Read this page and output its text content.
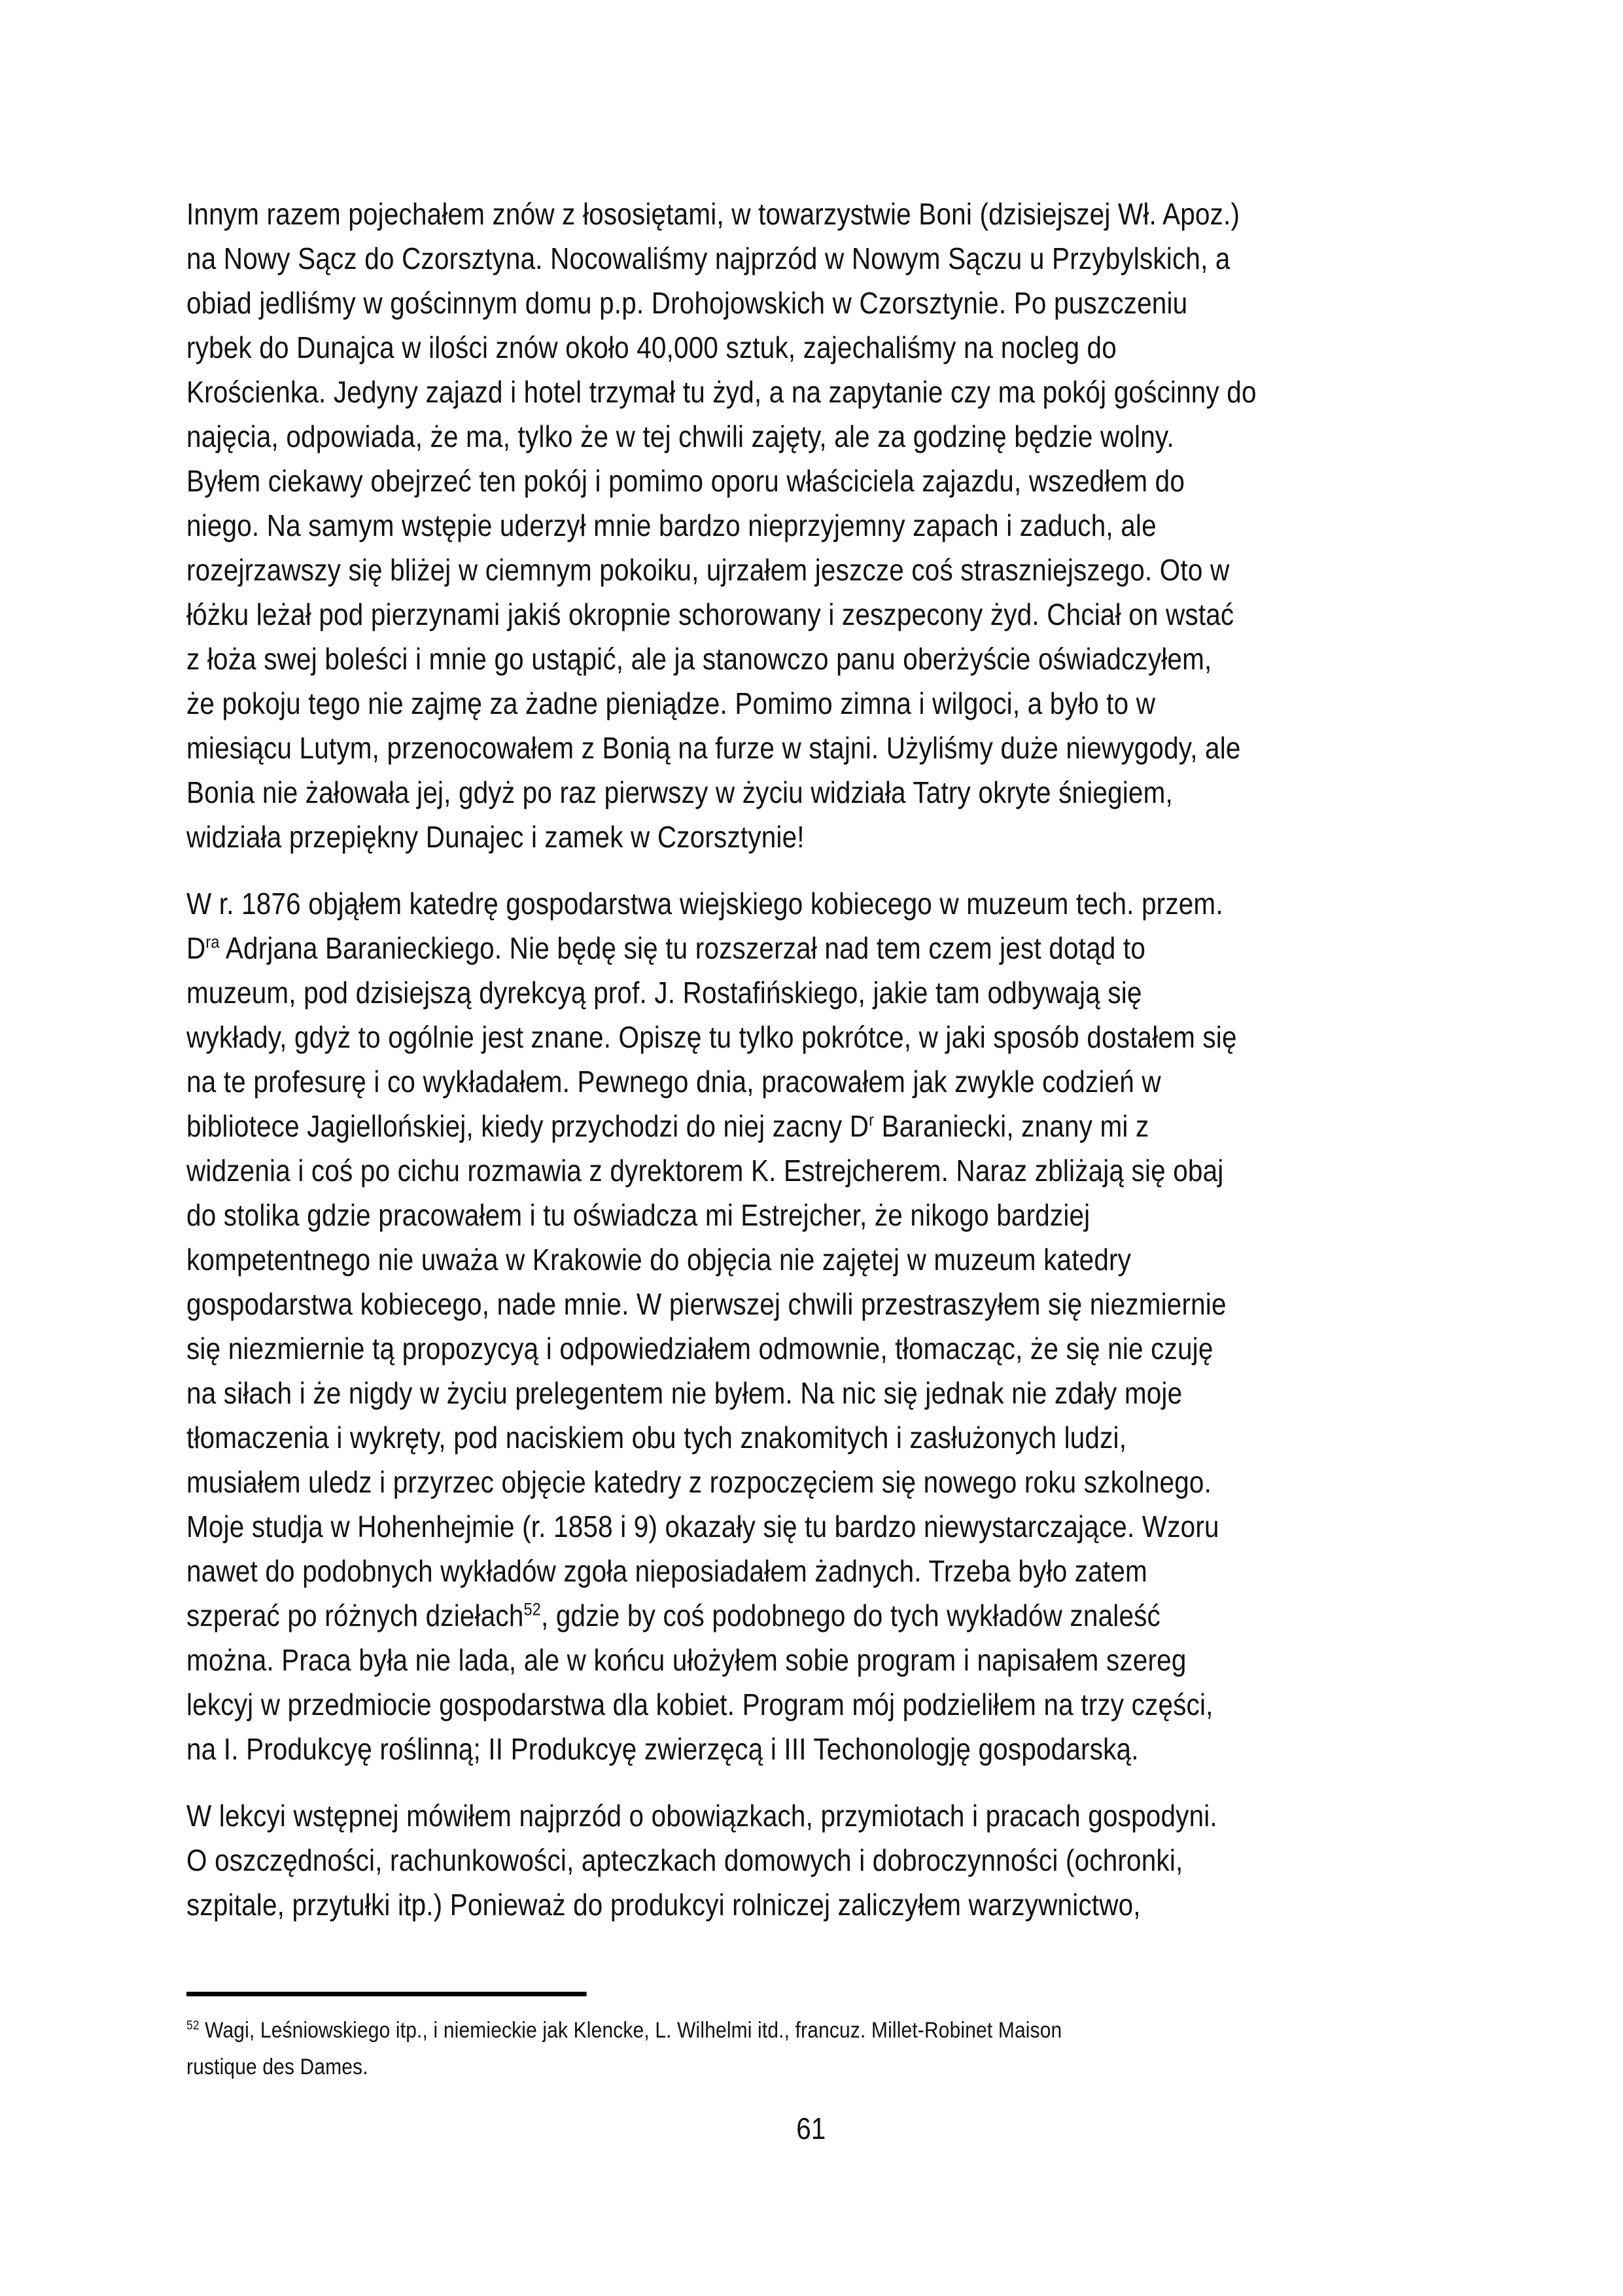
Innym razem pojechałem znów z łososiętami, w towarzystwie Boni (dzisiejszej Wł. Apoz.)
na Nowy Sącz do Czorsztyna. Nocowaliśmy najprzód w Nowym Sączu u Przybylskich, a
obiad jedliśmy w gościnnym domu p.p. Drohojowskich w Czorsztynie. Po puszczeniu
rybek do Dunajca w ilości znów około 40,000 sztuk, zajechaliśmy na nocleg do
Krościenka. Jedyny zajazd i hotel trzymał tu żyd, a na zapytanie czy ma pokój gościnny do
najęcia, odpowiada, że ma, tylko że w tej chwili zajęty, ale za godzinę będzie wolny.
Byłem ciekawy obejrzeć ten pokój i pomimo oporu właściciela zajazdu, wszedłem do
niego. Na samym wstępie uderzył mnie bardzo nieprzyjemny zapach i zaduch, ale
rozejrzawszy się bliżej w ciemnym pokoiku, ujrzałem jeszcze coś straszniejszego. Oto w
łóżku leżał pod pierzynami jakiś okropnie schorowany i zeszpecony żyd. Chciał on wstać
z łoża swej boleści i mnie go ustąpić, ale ja stanowczo panu oberżyście oświadczyłem,
że pokoju tego nie zajmę za żadne pieniądze. Pomimo zimna i wilgoci, a było to w
miesiącu Lutym, przenocowałem z Bonią na furze w stajni. Użyliśmy duże niewygody, ale
Bonia nie żałowała jej, gdyż po raz pierwszy w życiu widziała Tatry okryte śniegiem,
widziała przepiękny Dunajec i zamek w Czorsztynie!
W r. 1876 objąłem katedrę gospodarstwa wiejskiego kobiecego w muzeum tech. przem.
$D^{ra}$ Adrjana Baranieckiego. Nie będę się tu rozszerzał nad tem czem jest dotąd to
muzeum, pod dzisiejszą dyrekcyą prof. J. Rostafińskiego, jakie tam odbywają się
wykłady, gdyż to ogólnie jest znane. Opiszę tu tylko pokrótce, w jaki sposób dostałem się
na te profesurę i co wykładałem. Pewnego dnia, pracowałem jak zwykle codzień w
bibliotece Jagiellońskiej, kiedy przychodzi do niej zacny $D^r$ Baraniecki, znany mi z
widzenia i coś po cichu rozmawia z dyrektorem K. Estrejcherem. Naraz zbliżają się obaj
do stolika gdzie pracowałem i tu oświadcza mi Estrejcher, że nikogo bardziej
kompetentnego nie uważa w Krakowie do objęcia nie zajętej w muzeum katedry
gospodarstwa kobiecego, nade mnie. W pierwszej chwili przestraszyłem się niezmiernie
się niezmiernie tą propozycyą i odpowiedziałem odmownie, tłomacząc, że się nie czuję
na siłach i że nigdy w życiu prelegentem nie byłem. Na nic się jednak nie zdały moje
tłomaczenia i wykręty, pod naciskiem obu tych znakomitych i zasłużonych ludzi,
musiałem uledz i przyrzec objęcie katedry z rozpoczęciem się nowego roku szkolnego.
Moje studja w Hohenhejmie (r. 1858 i 9) okazały się tu bardzo niewystarczające. Wzoru
nawet do podobnych wykładów zgoła nieposiadałem żadnych. Trzeba było zatem
szperać po różnych dziełach$^{52}$, gdzie by coś podobnego do tych wykładów znaleść
można. Praca była nie lada, ale w końcu ułożyłem sobie program i napisałem szereg
lekcyj w przedmiocie gospodarstwa dla kobiet. Program mój podzieliłem na trzy części,
na I. Produkcyę roślinną; II Produkcyę zwierzęcą i III Techonologję gospodarską.
W lekcyi wstępnej mówiłem najprzód o obowiązkach, przymiotach i pracach gospodyni.
O oszczędności, rachunkowości, apteczkach domowych i dobroczynności (ochronki,
szpitale, przytułki itp.) Ponieważ do produkcyi rolniczej zaliczyłem warzywnictwo,
$^{52}$ Wagi, Leśniowskiego itp., i niemieckie jak Klencke, L. Wilhelmi itd., francuz. Millet-Robinet Maison
rustique des Dames.
61
